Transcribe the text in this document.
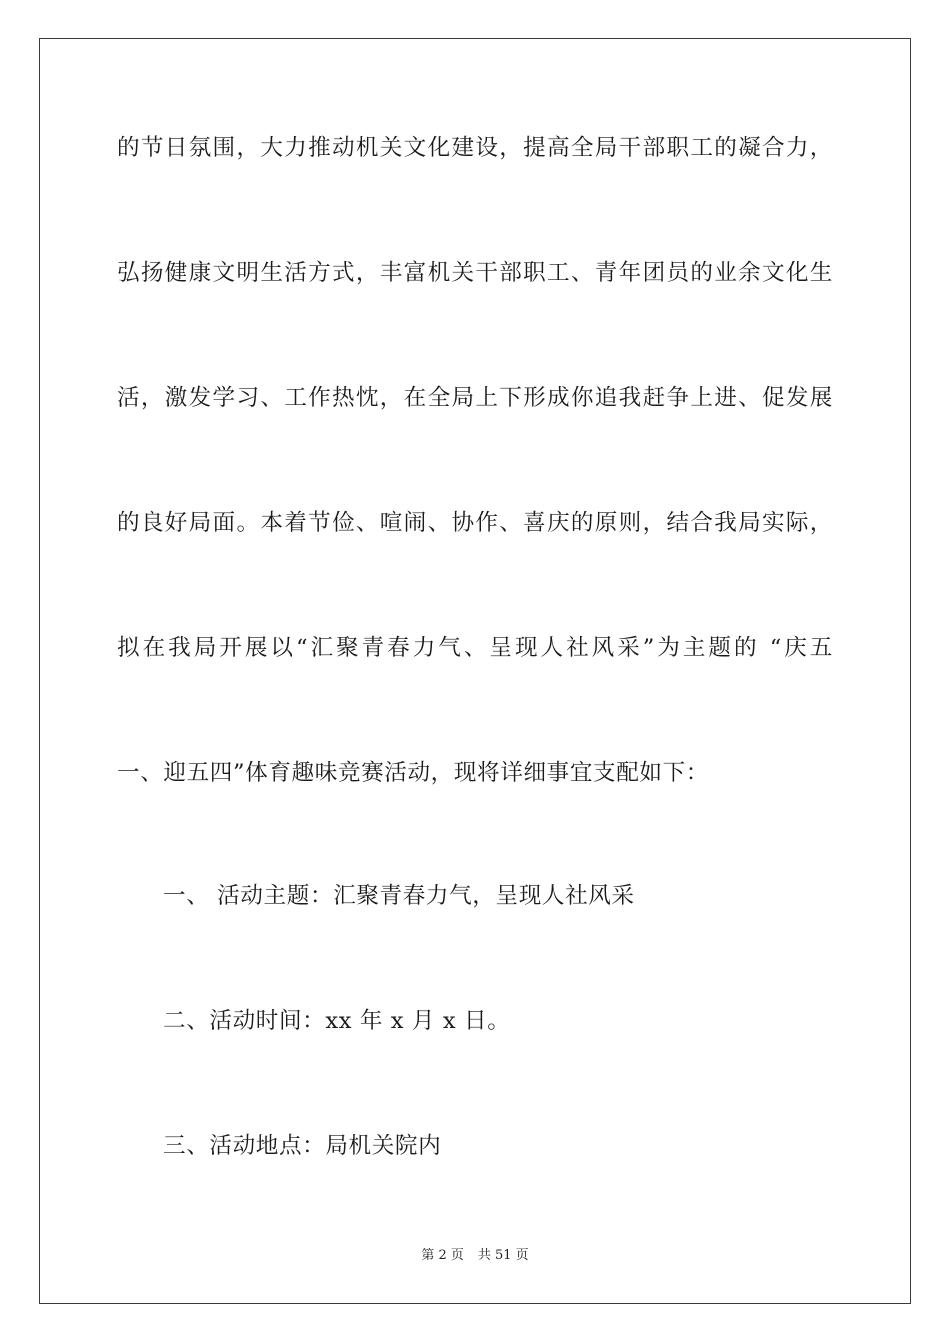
的节日氛围，大力推动机关文化建设，提高全局干部职工的凝合力，
弘扬健康文明生活方式，丰富机关干部职工、青年团员的业余文化生
活，激发学习、工作热忱，在全局上下形成你追我赶争上进、促发展
的良好局面。本着节俭、喧闹、协作、喜庆的原则，结合我局实际，
拟在我局开展以“汇聚青春力气、呈现人社风采”为主题的 “庆五
一、迎五四”体育趣味竞赛活动，现将详细事宜支配如下：
一、 活动主题：汇聚青春力气，呈现人社风采
二、活动时间：xx 年 x 月 x 日。
三、活动地点：局机关院内
第 2 页 共 51 页
